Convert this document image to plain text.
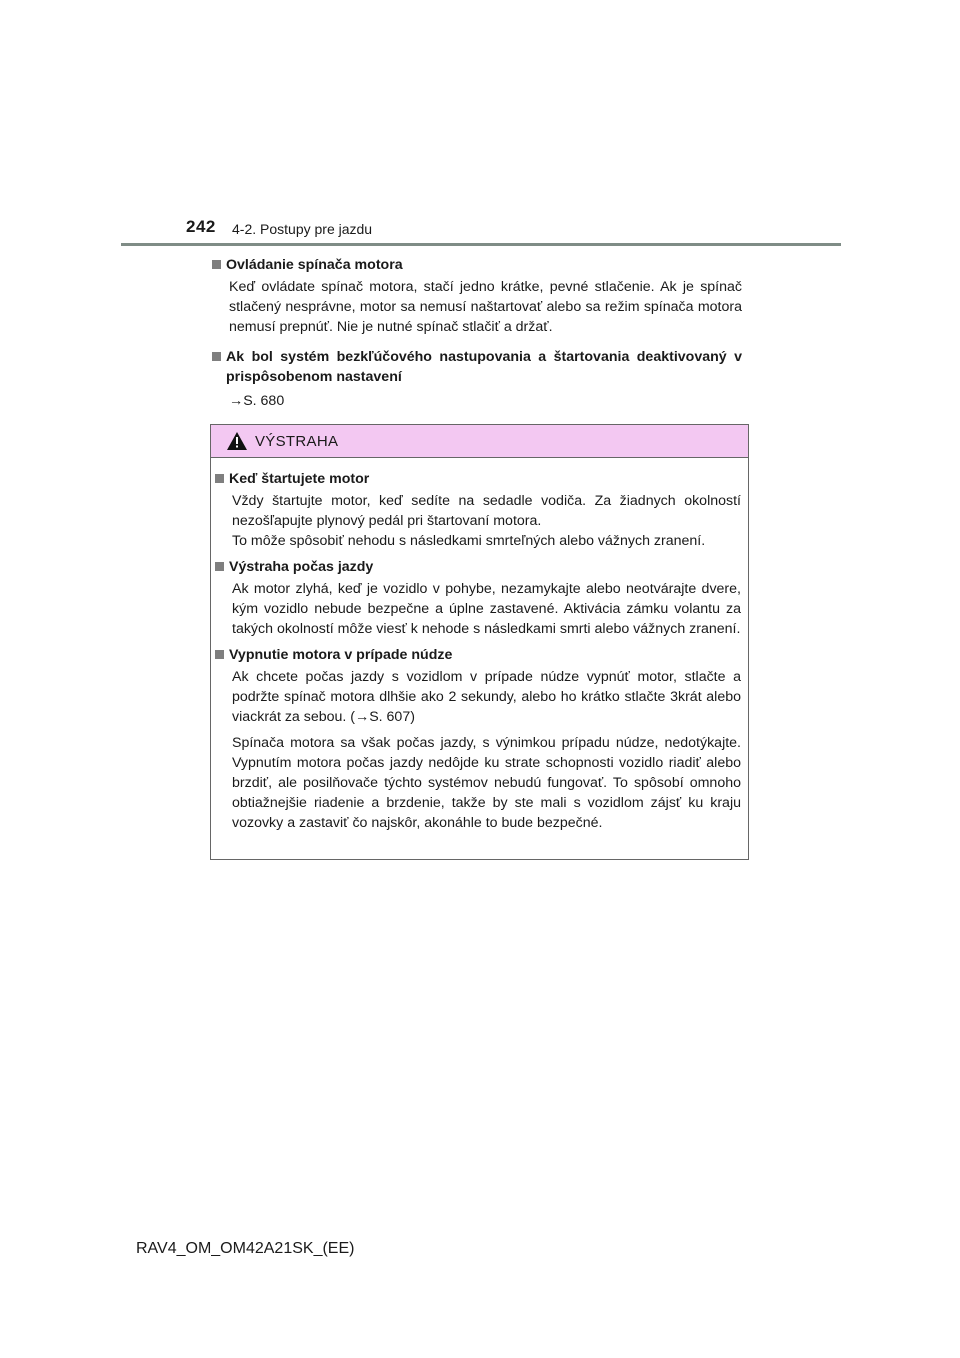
242 4-2. Postupy pre jazdu
Ovládanie spínača motora
Keď ovládate spínač motora, stačí jedno krátke, pevné stlačenie. Ak je spínač stlačený nesprávne, motor sa nemusí naštartovať alebo sa režim spínača motora nemusí prepnúť. Nie je nutné spínač stlačiť a držať.
Ak bol systém bezkľúčového nastupovania a štartovania deaktivovaný v prispôsobenom nastavení
→S. 680
VÝSTRAHA
Keď štartujete motor
Vždy štartujte motor, keď sedíte na sedadle vodiča. Za žiadnych okolností nezošľapujte plynový pedál pri štartovaní motora.
To môže spôsobiť nehodu s následkami smrteľných alebo vážnych zranení.
Výstraha počas jazdy
Ak motor zlyhá, keď je vozidlo v pohybe, nezamykajte alebo neotvárajte dvere, kým vozidlo nebude bezpečne a úplne zastavené. Aktivácia zámku volantu za takých okolností môže viesť k nehode s následkami smrti alebo vážnych zranení.
Vypnutie motora v prípade núdze
Ak chcete počas jazdy s vozidlom v prípade núdze vypnúť motor, stlačte a podržte spínač motora dlhšie ako 2 sekundy, alebo ho krátko stlačte 3krát alebo viackrát za sebou. (→S. 607)
Spínača motora sa však počas jazdy, s výnimkou prípadu núdze, nedotýkajte. Vypnutím motora počas jazdy nedôjde ku strate schopnosti vozidlo riadiť alebo brzdiť, ale posilňovače týchto systémov nebudú fungovať. To spôsobí omnoho obtiažnejšie riadenie a brzdenie, takže by ste mali s vozidlom zájsť ku kraju vozovky a zastaviť čo najskôr, akonáhle to bude bezpečné.
RAV4_OM_OM42A21SK_(EE)
